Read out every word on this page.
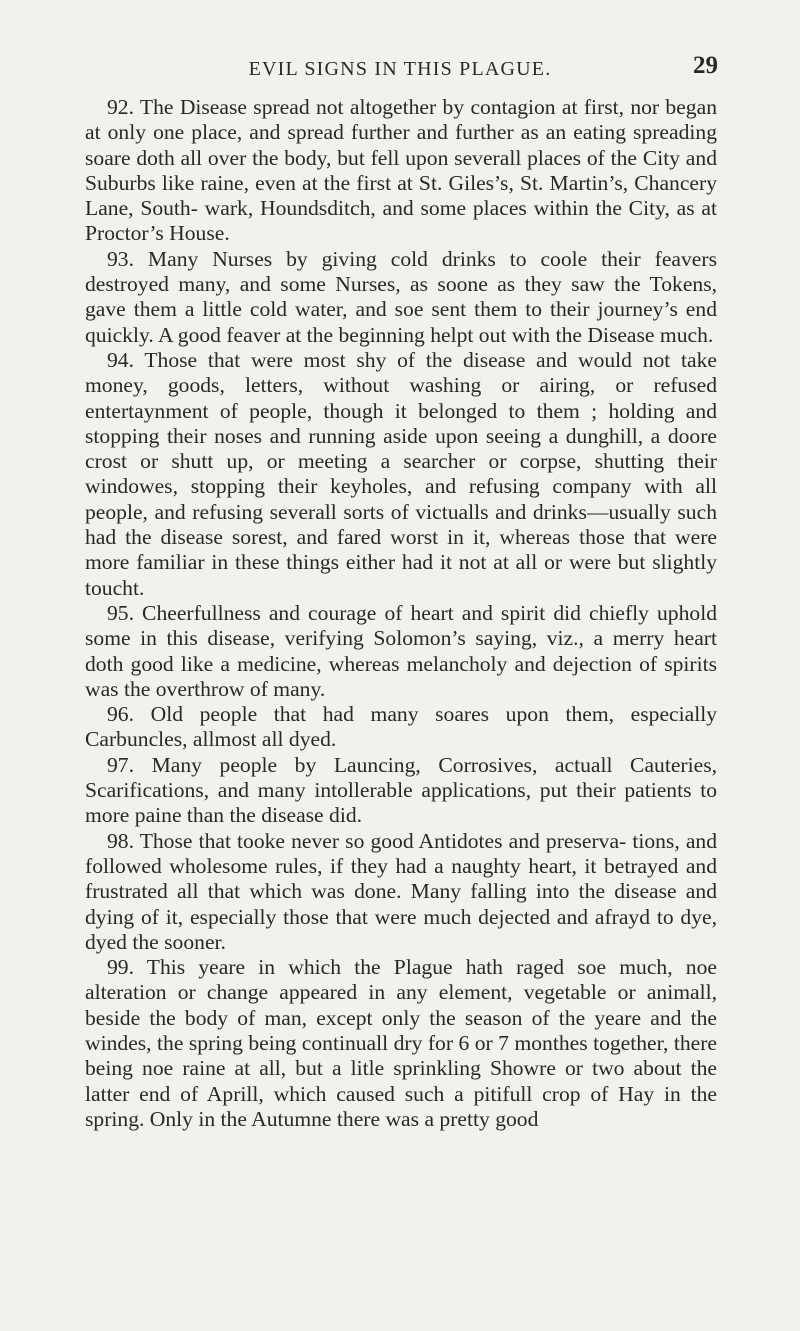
EVIL SIGNS IN THIS PLAGUE.	29

92. The Disease spread not altogether by contagion at first, nor began at only one place, and spread further and further as an eating spreading soare doth all over the body, but fell upon severall places of the City and Suburbs like raine, even at the first at St. Giles’s, St. Martin’s, Chancery Lane, South- wark, Houndsditch, and some places within the City, as at Proctor’s House.

93. Many Nurses by giving cold drinks to coole their feavers destroyed many, and some Nurses, as soone as they saw the Tokens, gave them a little cold water, and soe sent them to their journey’s end quickly. A good feaver at the beginning helpt out with the Disease much.

94. Those that were most shy of the disease and would not take money, goods, letters, without washing or airing, or refused entertaynment of people, though it belonged to them ; holding and stopping their noses and running aside upon seeing a dunghill, a doore crost or shutt up, or meeting a searcher or corpse, shutting their windowes, stopping their keyholes, and refusing company with all people, and refusing severall sorts of victualls and drinks—usually such had the disease sorest, and fared worst in it, whereas those that were more familiar in these things either had it not at all or were but slightly toucht.

95. Cheerfullness and courage of heart and spirit did chiefly uphold some in this disease, verifying Solomon’s saying, viz., a merry heart doth good like a medicine, whereas melancholy and dejection of spirits was the overthrow of many.

96. Old people that had many soares upon them, especially Carbuncles, allmost all dyed.

97. Many people by Launcing, Corrosives, actuall Cauteries, Scarifications, and many intollerable applications, put their patients to more paine than the disease did.

98. Those that tooke never so good Antidotes and preserva- tions, and followed wholesome rules, if they had a naughty heart, it betrayed and frustrated all that which was done. Many falling into the disease and dying of it, especially those that were much dejected and afrayd to dye, dyed the sooner.

99. This yeare in which the Plague hath raged soe much, noe alteration or change appeared in any element, vegetable or animall, beside the body of man, except only the season of the yeare and the windes, the spring being continuall dry for 6 or 7 monthes together, there being noe raine at all, but a litle sprinkling Showre or two about the latter end of Aprill, which caused such a pitifull crop of Hay in the spring. Only in the Autumne there was a pretty good
